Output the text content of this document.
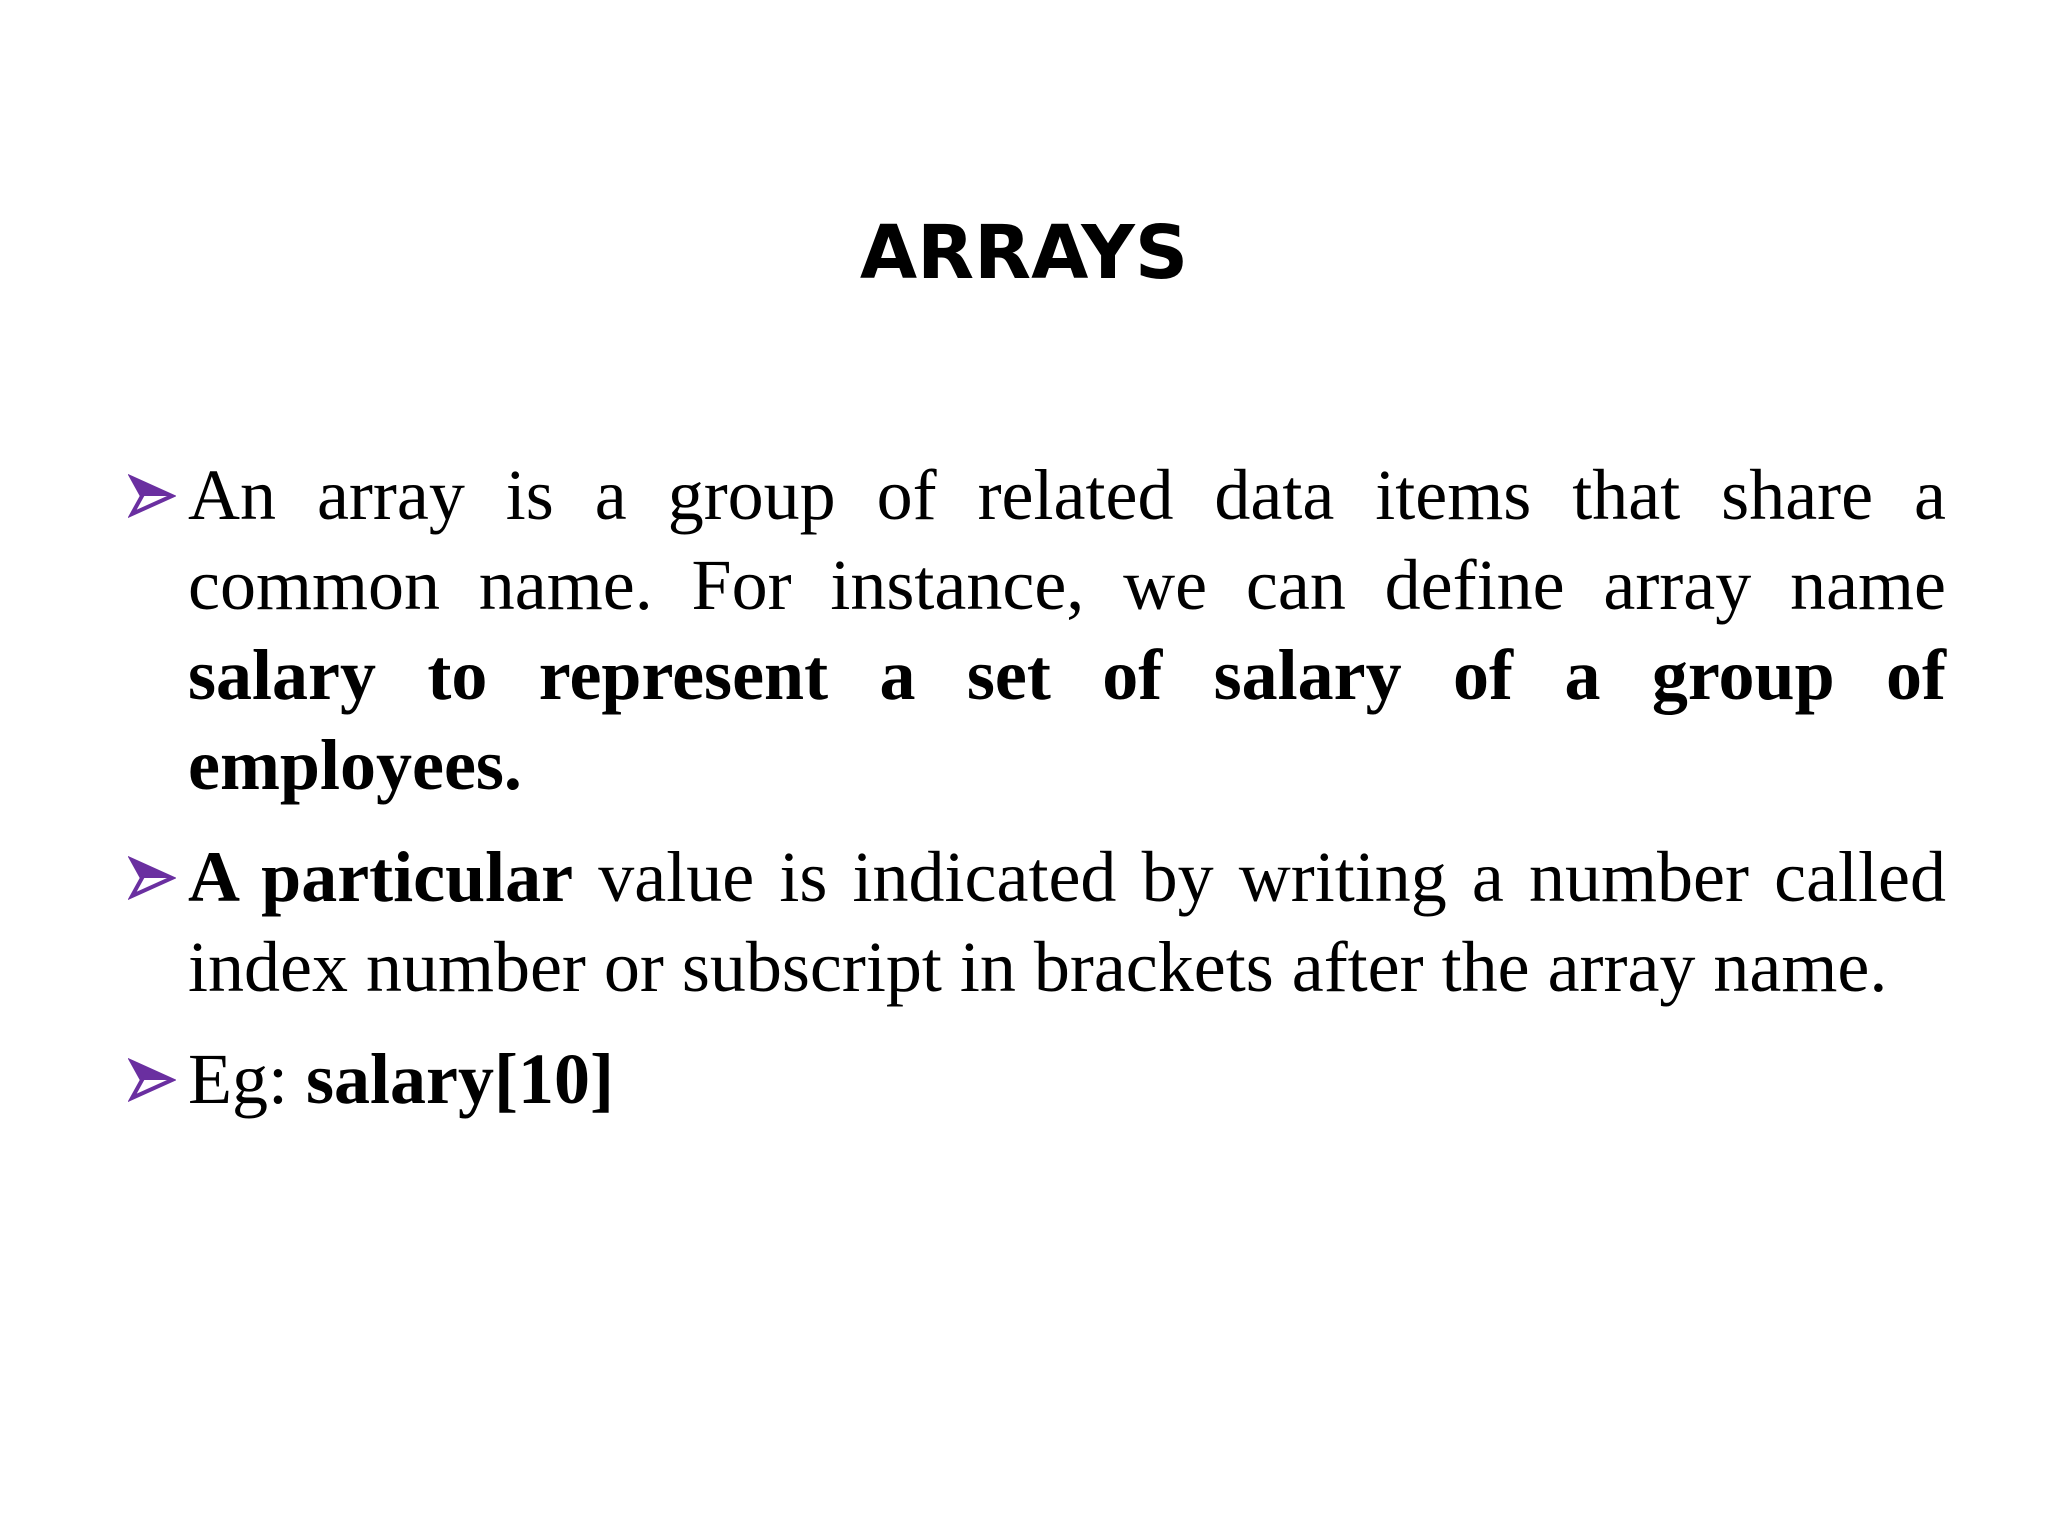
ARRAYS
An array is a group of related data items that share a common name. For instance, we can define array name salary to represent a set of salary of a group of employees.
A particular value is indicated by writing a number called index number or subscript in brackets after the array name.
Eg: salary[10]
